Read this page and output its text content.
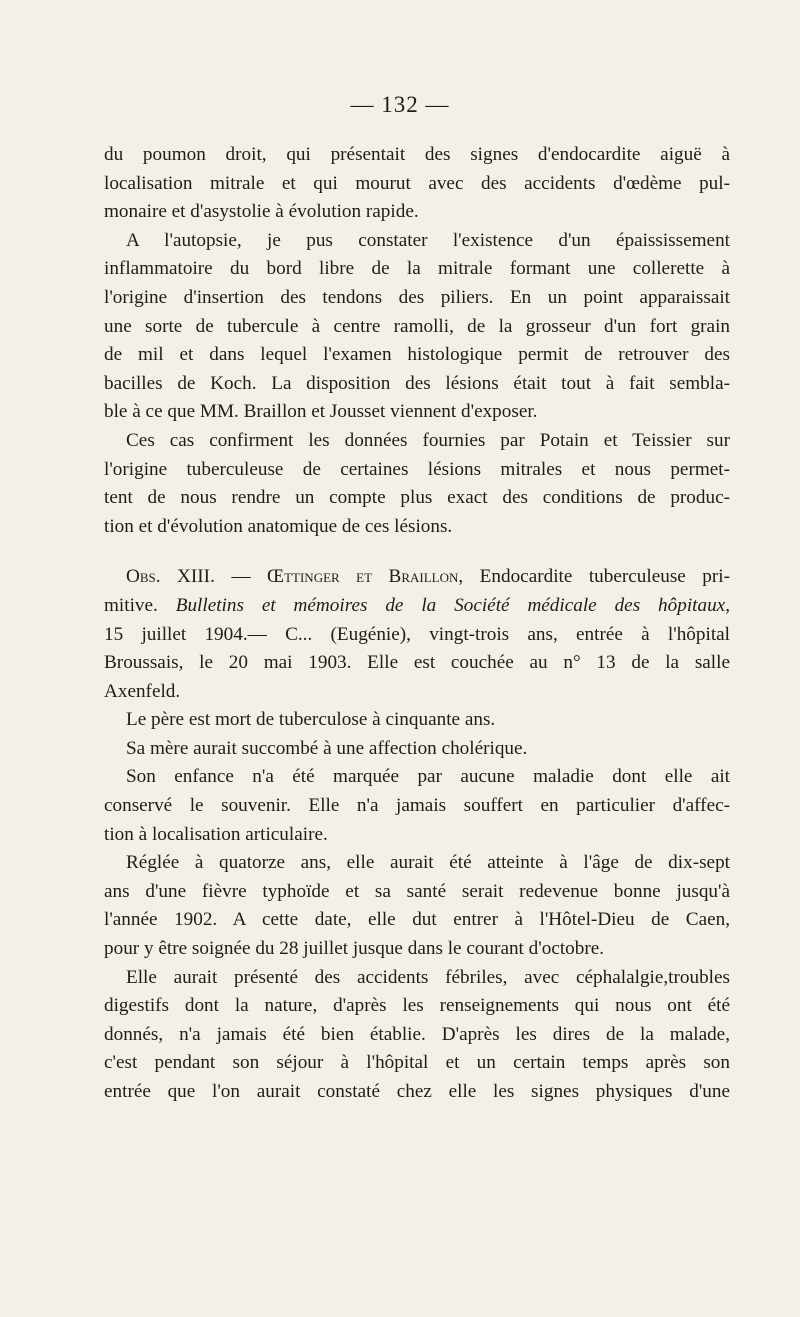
— 132 —

du poumon droit, qui présentait des signes d'endocardite aiguë à
localisation mitrale et qui mourut avec des accidents d'œdème pul-
monaire et d'asystolie à évolution rapide.

A l'autopsie, je pus constater l'existence d'un épaississement
inflammatoire du bord libre de la mitrale formant une collerette à
l'origine d'insertion des tendons des piliers. En un point apparaissait
une sorte de tubercule à centre ramolli, de la grosseur d'un fort grain
de mil et dans lequel l'examen histologique permit de retrouver des
bacilles de Koch. La disposition des lésions était tout à fait sembla-
ble à ce que MM. Braillon et Jousset viennent d'exposer.

Ces cas confirment les données fournies par Potain et Teissier sur
l'origine tuberculeuse de certaines lésions mitrales et nous permet-
tent de nous rendre un compte plus exact des conditions de produc-
tion et d'évolution anatomique de ces lésions.

Obs. XIII. — Œttinger et Braillon, Endocardite tuberculeuse pri-
mitive. Bulletins et mémoires de la Société médicale des hôpitaux,
15 juillet 1904.— C... (Eugénie), vingt-trois ans, entrée à l'hôpital
Broussais, le 20 mai 1903. Elle est couchée au n° 13 de la salle
Axenfeld.

Le père est mort de tuberculose à cinquante ans.

Sa mère aurait succombé à une affection cholérique.

Son enfance n'a été marquée par aucune maladie dont elle ait
conservé le souvenir. Elle n'a jamais souffert en particulier d'affec-
tion à localisation articulaire.

Réglée à quatorze ans, elle aurait été atteinte à l'âge de dix-sept
ans d'une fièvre typhoïde et sa santé serait redevenue bonne jusqu'à
l'année 1902. A cette date, elle dut entrer à l'Hôtel-Dieu de Caen,
pour y être soignée du 28 juillet jusque dans le courant d'octobre.

Elle aurait présenté des accidents fébriles, avec céphalalgie,troubles
digestifs dont la nature, d'après les renseignements qui nous ont été
donnés, n'a jamais été bien établie. D'après les dires de la malade,
c'est pendant son séjour à l'hôpital et un certain temps après son
entrée que l'on aurait constaté chez elle les signes physiques d'une
